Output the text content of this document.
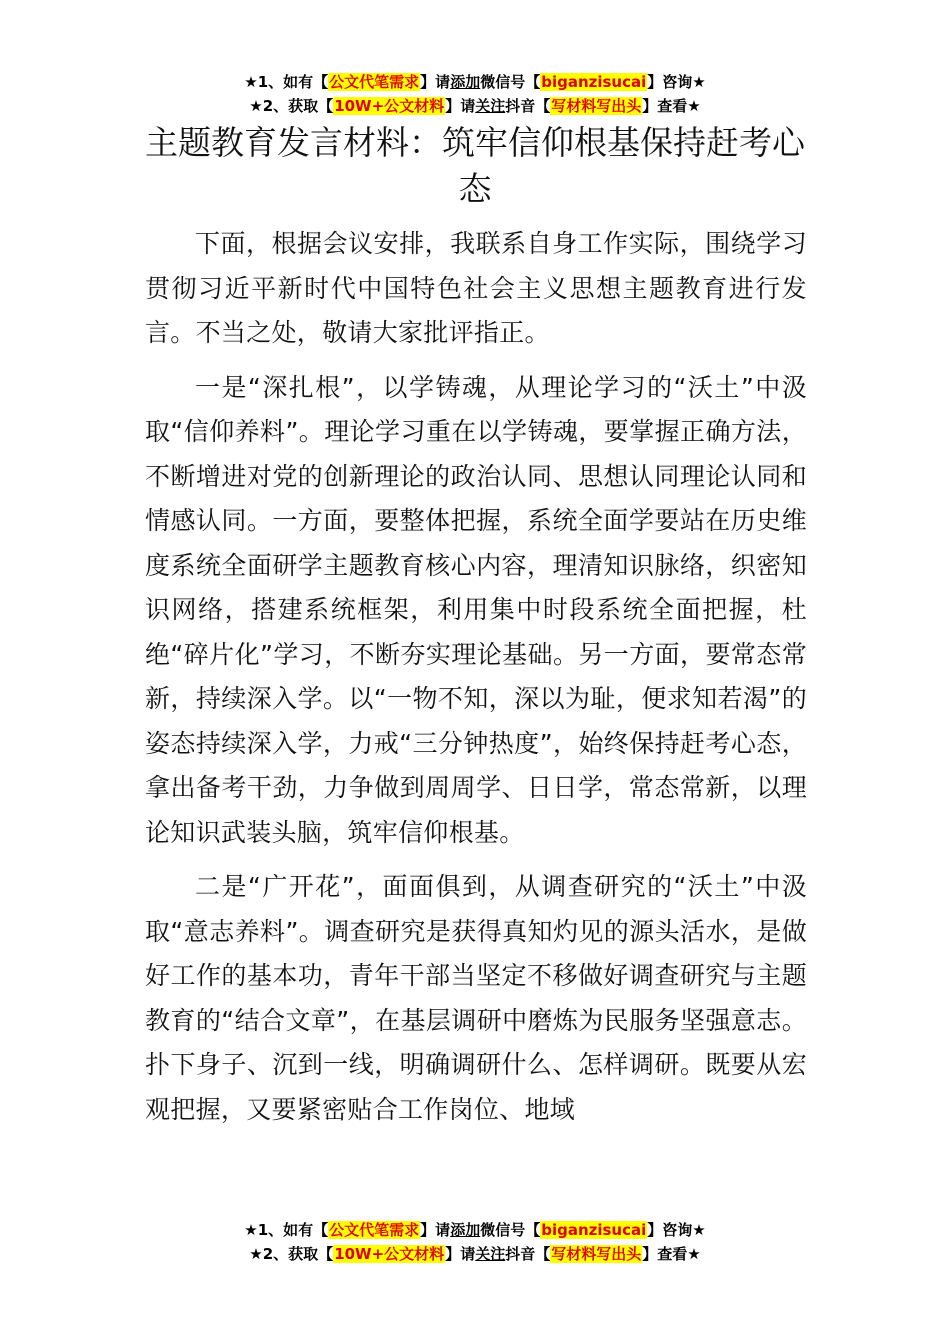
★1、如有【公文代笔需求】请添加微信号【biganzisucai】咨询★
★2、获取【10W+公文材料】请关注抖音【写材料写出头】查看★
主题教育发言材料：筑牢信仰根基保持赶考心态

下面，根据会议安排，我联系自身工作实际，围绕学习贯彻习近平新时代中国特色社会主义思想主题教育进行发言。不当之处，敬请大家批评指正。

一是“深扎根”，以学铸魂，从理论学习的“沃土”中汲取“信仰养料”。理论学习重在以学铸魂，要掌握正确方法，不断增进对党的创新理论的政治认同、思想认同理论认同和情感认同。一方面，要整体把握，系统全面学要站在历史维度系统全面研学主题教育核心内容，理清知识脉络，织密知识网络，搭建系统框架，利用集中时段系统全面把握，杜绝“碎片化”学习，不断夯实理论基础。另一方面，要常态常新，持续深入学。以“一物不知，深以为耻，便求知若渴”的姿态持续深入学，力戒“三分钟热度”，始终保持赶考心态，拿出备考干劲，力争做到周周学、日日学，常态常新，以理论知识武装头脑，筑牢信仰根基。

二是“广开花”，面面俱到，从调查研究的“沃土”中汲取“意志养料”。调查研究是获得真知灼见的源头活水，是做好工作的基本功，青年干部当坚定不移做好调查研究与主题教育的“结合文章”，在基层调研中磨炼为民服务坚强意志。扑下身子、沉到一线，明确调研什么、怎样调研。既要从宏观把握，又要紧密贴合工作岗位、地域

★1、如有【公文代笔需求】请添加微信号【biganzisucai】咨询★
★2、获取【10W+公文材料】请关注抖音【写材料写出头】查看★
